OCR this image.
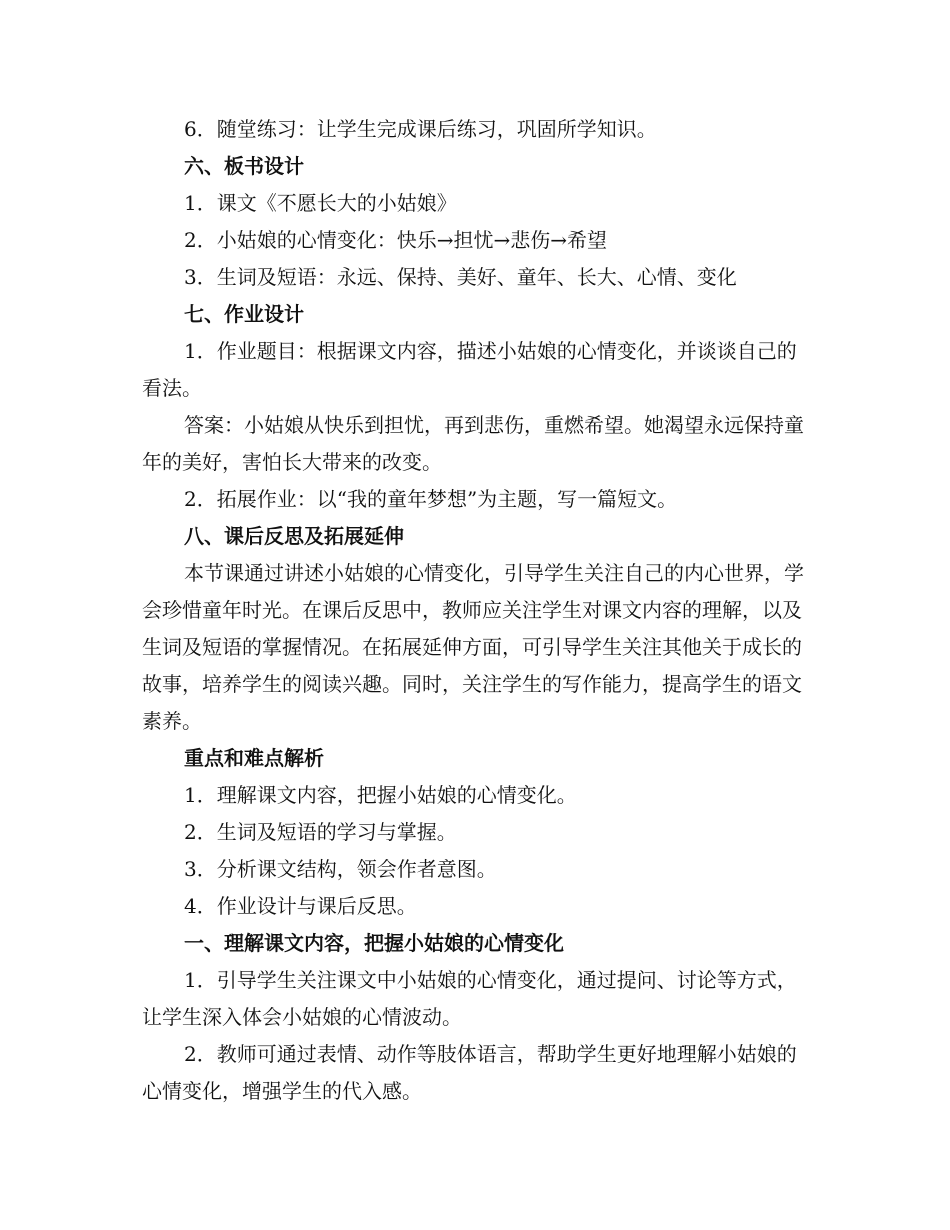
6．随堂练习：让学生完成课后练习，巩固所学知识。

六、板书设计

1．课文《不愿长大的小姑娘》

2．小姑娘的心情变化：快乐→担忧→悲伤→希望

3．生词及短语：永远、保持、美好、童年、长大、心情、变化

七、作业设计

1．作业题目：根据课文内容，描述小姑娘的心情变化，并谈谈自己的看法。

答案：小姑娘从快乐到担忧，再到悲伤，重燃希望。她渴望永远保持童年的美好，害怕长大带来的改变。

2．拓展作业：以“我的童年梦想”为主题，写一篇短文。

八、课后反思及拓展延伸

本节课通过讲述小姑娘的心情变化，引导学生关注自己的内心世界，学会珍惜童年时光。在课后反思中，教师应关注学生对课文内容的理解，以及生词及短语的掌握情况。在拓展延伸方面，可引导学生关注其他关于成长的故事，培养学生的阅读兴趣。同时，关注学生的写作能力，提高学生的语文素养。

重点和难点解析

1．理解课文内容，把握小姑娘的心情变化。

2．生词及短语的学习与掌握。

3．分析课文结构，领会作者意图。

4．作业设计与课后反思。

一、理解课文内容，把握小姑娘的心情变化

1．引导学生关注课文中小姑娘的心情变化，通过提问、讨论等方式，让学生深入体会小姑娘的心情波动。

2．教师可通过表情、动作等肢体语言，帮助学生更好地理解小姑娘的心情变化，增强学生的代入感。
